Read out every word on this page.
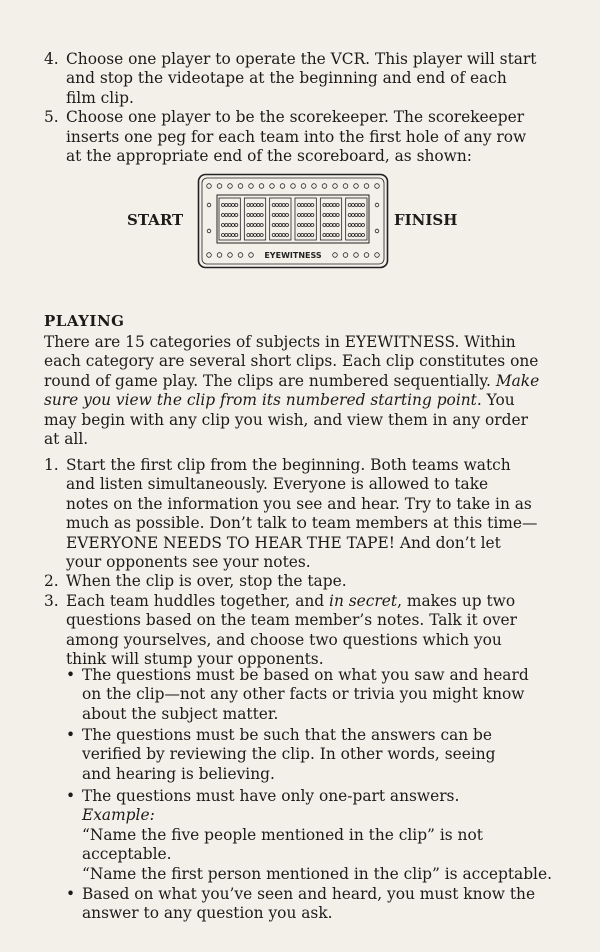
4. Choose one player to operate the VCR. This player will start
and stop the videotape at the beginning and end of each
film clip.
5. Choose one player to be the scorekeeper. The scorekeeper
inserts one peg for each team into the first hole of any row
at the appropriate end of the scoreboard, as shown:
START	FINISH
EYEWITNESS
PLAYING

There are 15 categories of subjects in EYEWITNESS. Within

each category are several short clips. Each clip constitutes one

round of game play. The clips are numbered sequentially. Make

sure you view the clip from its numbered starting point. You

may begin with any clip you wish, and view them in any order

at all.

1. Start the first clip from the beginning. Both teams watch
and listen simultaneously. Everyone is allowed to take
notes on the information you see and hear. Try to take in as
much as possible. Don’t talk to team members at this time—
EVERYONE NEEDS TO HEAR THE TAPE! And don’t let
your opponents see your notes.
2. When the clip is over, stop the tape.
3. Each team huddles together, and in secret, makes up two
questions based on the team member’s notes. Talk it over
among yourselves, and choose two questions which you
think will stump your opponents.
• The questions must be based on what you saw and heard
on the clip—not any other facts or trivia you might know
about the subject matter.
• The questions must be such that the answers can be
verified by reviewing the clip. In other words, seeing
and hearing is believing.
• The questions must have only one-part answers.
Example:
“Name the five people mentioned in the clip” is not
acceptable.
“Name the first person mentioned in the clip” is acceptable.
• Based on what you’ve seen and heard, you must know the
answer to any question you ask.
